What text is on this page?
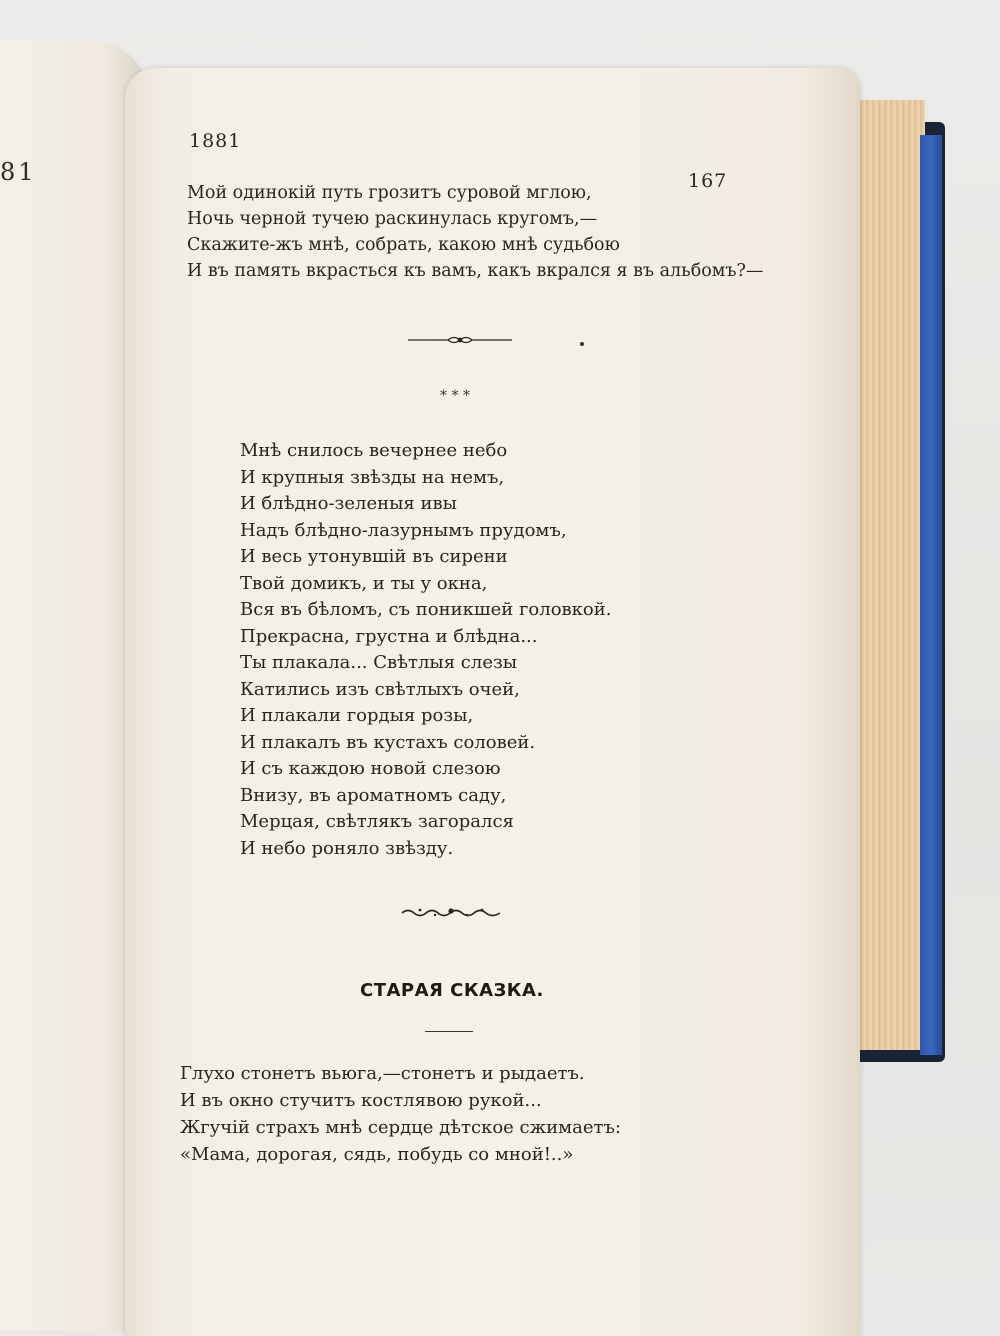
81
1881
167
Мой одинокій путь грозитъ суровой мглою,
Ночь черной тучею раскинулась кругомъ,—
Скажите-жъ мнѣ, собрать, какою мнѣ судьбою
И въ память вкрасться къ вамъ, какъ вкрался я въ альбомъ?—
* * *
Мнѣ снилось вечернее небо
И крупныя звѣзды на немъ,
И блѣдно-зеленыя ивы
Надъ блѣдно-лазурнымъ прудомъ,
И весь утонувшій въ сирени
Твой домикъ, и ты у окна,
Вся въ бѣломъ, съ поникшей головкой.
Прекрасна, грустна и блѣдна...
Ты плакала... Свѣтлыя слезы
Катились изъ свѣтлыхъ очей,
И плакали гордыя розы,
И плакалъ въ кустахъ соловей.
И съ каждою новой слезою
Внизу, въ ароматномъ саду,
Мерцая, свѣтлякъ загорался
И небо роняло звѣзду.
СТАРАЯ СКАЗКА.
Глухо стонетъ вьюга,—стонетъ и рыдаетъ.
И въ окно стучитъ костлявою рукой...
Жгучій страхъ мнѣ сердце дѣтское сжимаетъ:
«Мама, дорогая, сядь, побудь со мной!..»
